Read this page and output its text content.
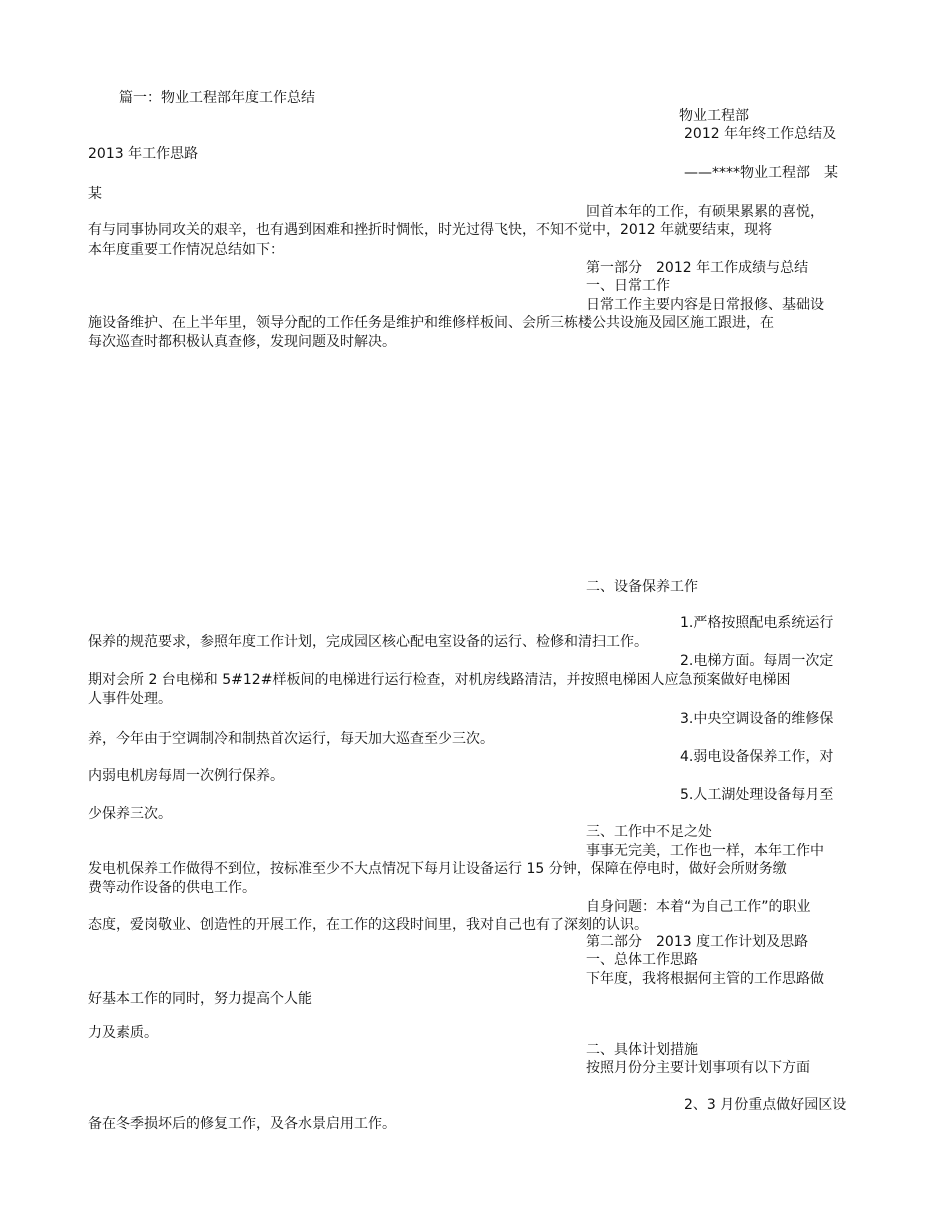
篇一：物业工程部年度工作总结
物业工程部
2012 年年终工作总结及
2013 年工作思路
——****物业工程部　某
某
回首本年的工作，有硕果累累的喜悦，
有与同事协同攻关的艰辛，也有遇到困难和挫折时惆怅，时光过得飞快，不知不觉中，2012 年就要结束，现将
本年度重要工作情况总结如下：
第一部分　2012 年工作成绩与总结
一、日常工作
日常工作主要内容是日常报修、基础设
施设备维护、在上半年里，领导分配的工作任务是维护和维修样板间、会所三栋楼公共设施及园区施工跟进，在
每次巡查时都积极认真查修，发现问题及时解决。
二、设备保养工作
1.严格按照配电系统运行
保养的规范要求，参照年度工作计划，完成园区核心配电室设备的运行、检修和清扫工作。
2.电梯方面。每周一次定
期对会所 2 台电梯和 5#12#样板间的电梯进行运行检查，对机房线路清洁，并按照电梯困人应急预案做好电梯困
人事件处理。
3.中央空调设备的维修保
养，今年由于空调制冷和制热首次运行，每天加大巡查至少三次。
4.弱电设备保养工作，对
内弱电机房每周一次例行保养。
5.人工湖处理设备每月至
少保养三次。
三、工作中不足之处
事事无完美，工作也一样，本年工作中
发电机保养工作做得不到位，按标准至少不大点情况下每月让设备运行 15 分钟，保障在停电时，做好会所财务缴
费等动作设备的供电工作。
自身问题：本着“为自己工作”的职业
态度，爱岗敬业、创造性的开展工作，在工作的这段时间里，我对自己也有了深刻的认识。
第二部分　2013 度工作计划及思路
一、总体工作思路
下年度，我将根据何主管的工作思路做
好基本工作的同时，努力提高个人能
力及素质。
二、具体计划措施
按照月份分主要计划事项有以下方面
2、3 月份重点做好园区设
备在冬季损坏后的修复工作，及各水景启用工作。
